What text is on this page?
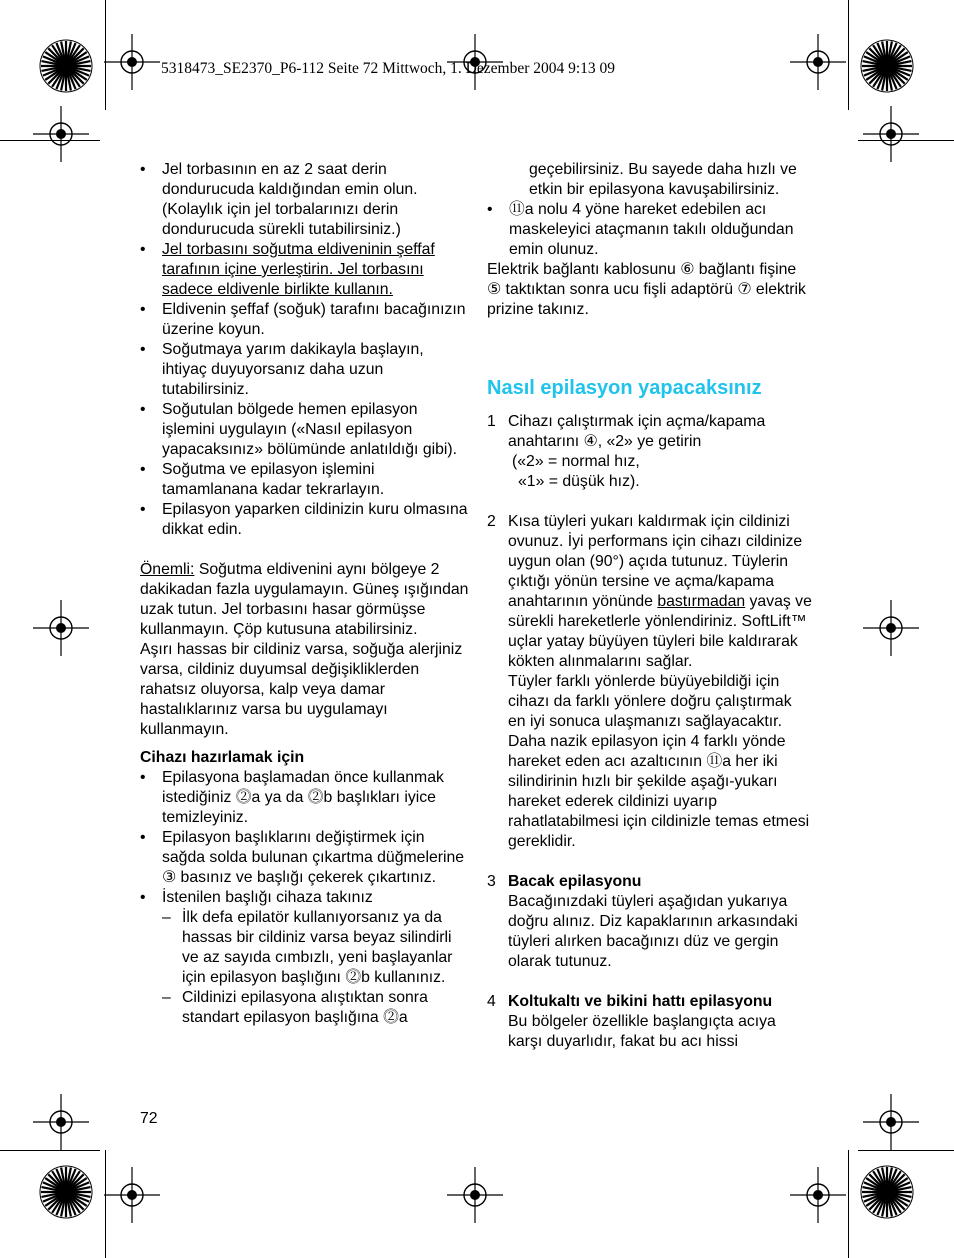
5318473_SE2370_P6-112 Seite 72 Mittwoch, 1. Dezember 2004 9:13 09
• Jel torbasının en az 2 saat derin dondurucuda kaldığından emin olun. (Kolaylık için jel torbalarınızı derin dondurucuda sürekli tutabilirsiniz.)
• Jel torbasını soğutma eldiveninin şeffaf tarafının içine yerleştirin. Jel torbasını sadece eldivenle birlikte kullanın.
• Eldivenin şeffaf (soğuk) tarafını bacağınızın üzerine koyun.
• Soğutmaya yarım dakikayla başlayın, ihtiyaç duyuyorsanız daha uzun tutabilirsiniz.
• Soğutulan bölgede hemen epilasyon işlemini uygulayın («Nasıl epilasyon yapacaksınız» bölümünde anlatıldığı gibi).
• Soğutma ve epilasyon işlemini tamamlanana kadar tekrarlayın.
• Epilasyon yaparken cildinizin kuru olmasına dikkat edin.
Önemli: Soğutma eldivenini aynı bölgeye 2 dakikadan fazla uygulamayın. Güneş ışığından uzak tutun. Jel torbasını hasar görmüşse kullanmayın. Çöp kutusuna atabilirsiniz.
Aşırı hassas bir cildiniz varsa, soğuğa alerjiniz varsa, cildiniz duyumsal değişikliklerden rahatsız oluyorsa, kalp veya damar hastalıklarınız varsa bu uygulamayı kullanmayın.
Cihazı hazırlamak için
• Epilasyona başlamadan önce kullanmak istediğiniz ⓶a ya da ⓶b başlıkları iyice temizleyiniz.
• Epilasyon başlıklarını değiştirmek için sağda solda bulunan çıkartma düğmelerine ③ basınız ve başlığı çekerek çıkartınız.
• İstenilen başlığı cihaza takınız
– İlk defa epilatör kullanıyorsanız ya da hassas bir cildiniz varsa beyaz silindirli ve az sayıda cımbızlı, yeni başlayanlar için epilasyon başlığını ⓶b kullanınız.
– Cildinizi epilasyona alıştıktan sonra standart epilasyon başlığına ⓶a
geçebilirsiniz. Bu sayede daha hızlı ve etkin bir epilasyona kavuşabilirsiniz.
• ⑪a nolu 4 yöne hareket edebilen acı maskeleyici ataçmanın takılı olduğundan emin olunuz.
Elektrik bağlantı kablosunu ⑥ bağlantı fişine ⑤ taktıktan sonra ucu fişli adaptörü ⑦ elektrik prizine takınız.
Nasıl epilasyon yapacaksınız
1 Cihazı çalıştırmak için açma/kapama anahtarını ④, «2» ye getirin
(«2» = normal hız,
«1» = düşük hız).
2 Kısa tüyleri yukarı kaldırmak için cildinizi ovunuz. İyi performans için cihazı cildinize uygun olan (90°) açıda tutunuz. Tüylerin çıktığı yönün tersine ve açma/kapama anahtarının yönünde bastırmadan yavaş ve sürekli hareketlerle yönlendiriniz. SoftLift™ uçlar yatay büyüyen tüyleri bile kaldırarak kökten alınmalarını sağlar.
Tüyler farklı yönlerde büyüyebildiği için cihazı da farklı yönlere doğru çalıştırmak en iyi sonuca ulaşmanızı sağlayacaktır.
Daha nazik epilasyon için 4 farklı yönde hareket eden acı azaltıcının ⑪a her iki silindirinin hızlı bir şekilde aşağı-yukarı hareket ederek cildinizi uyarıp rahatlatabilmesi için cildinizle temas etmesi gereklidir.
3 Bacak epilasyonu
Bacağınızdaki tüyleri aşağıdan yukarıya doğru alınız. Diz kapaklarının arkasındaki tüyleri alırken bacağınızı düz ve gergin olarak tutunuz.
4 Koltukaltı ve bikini hattı epilasyonu
Bu bölgeler özellikle başlangıçta acıya karşı duyarlıdır, fakat bu acı hissi
72
